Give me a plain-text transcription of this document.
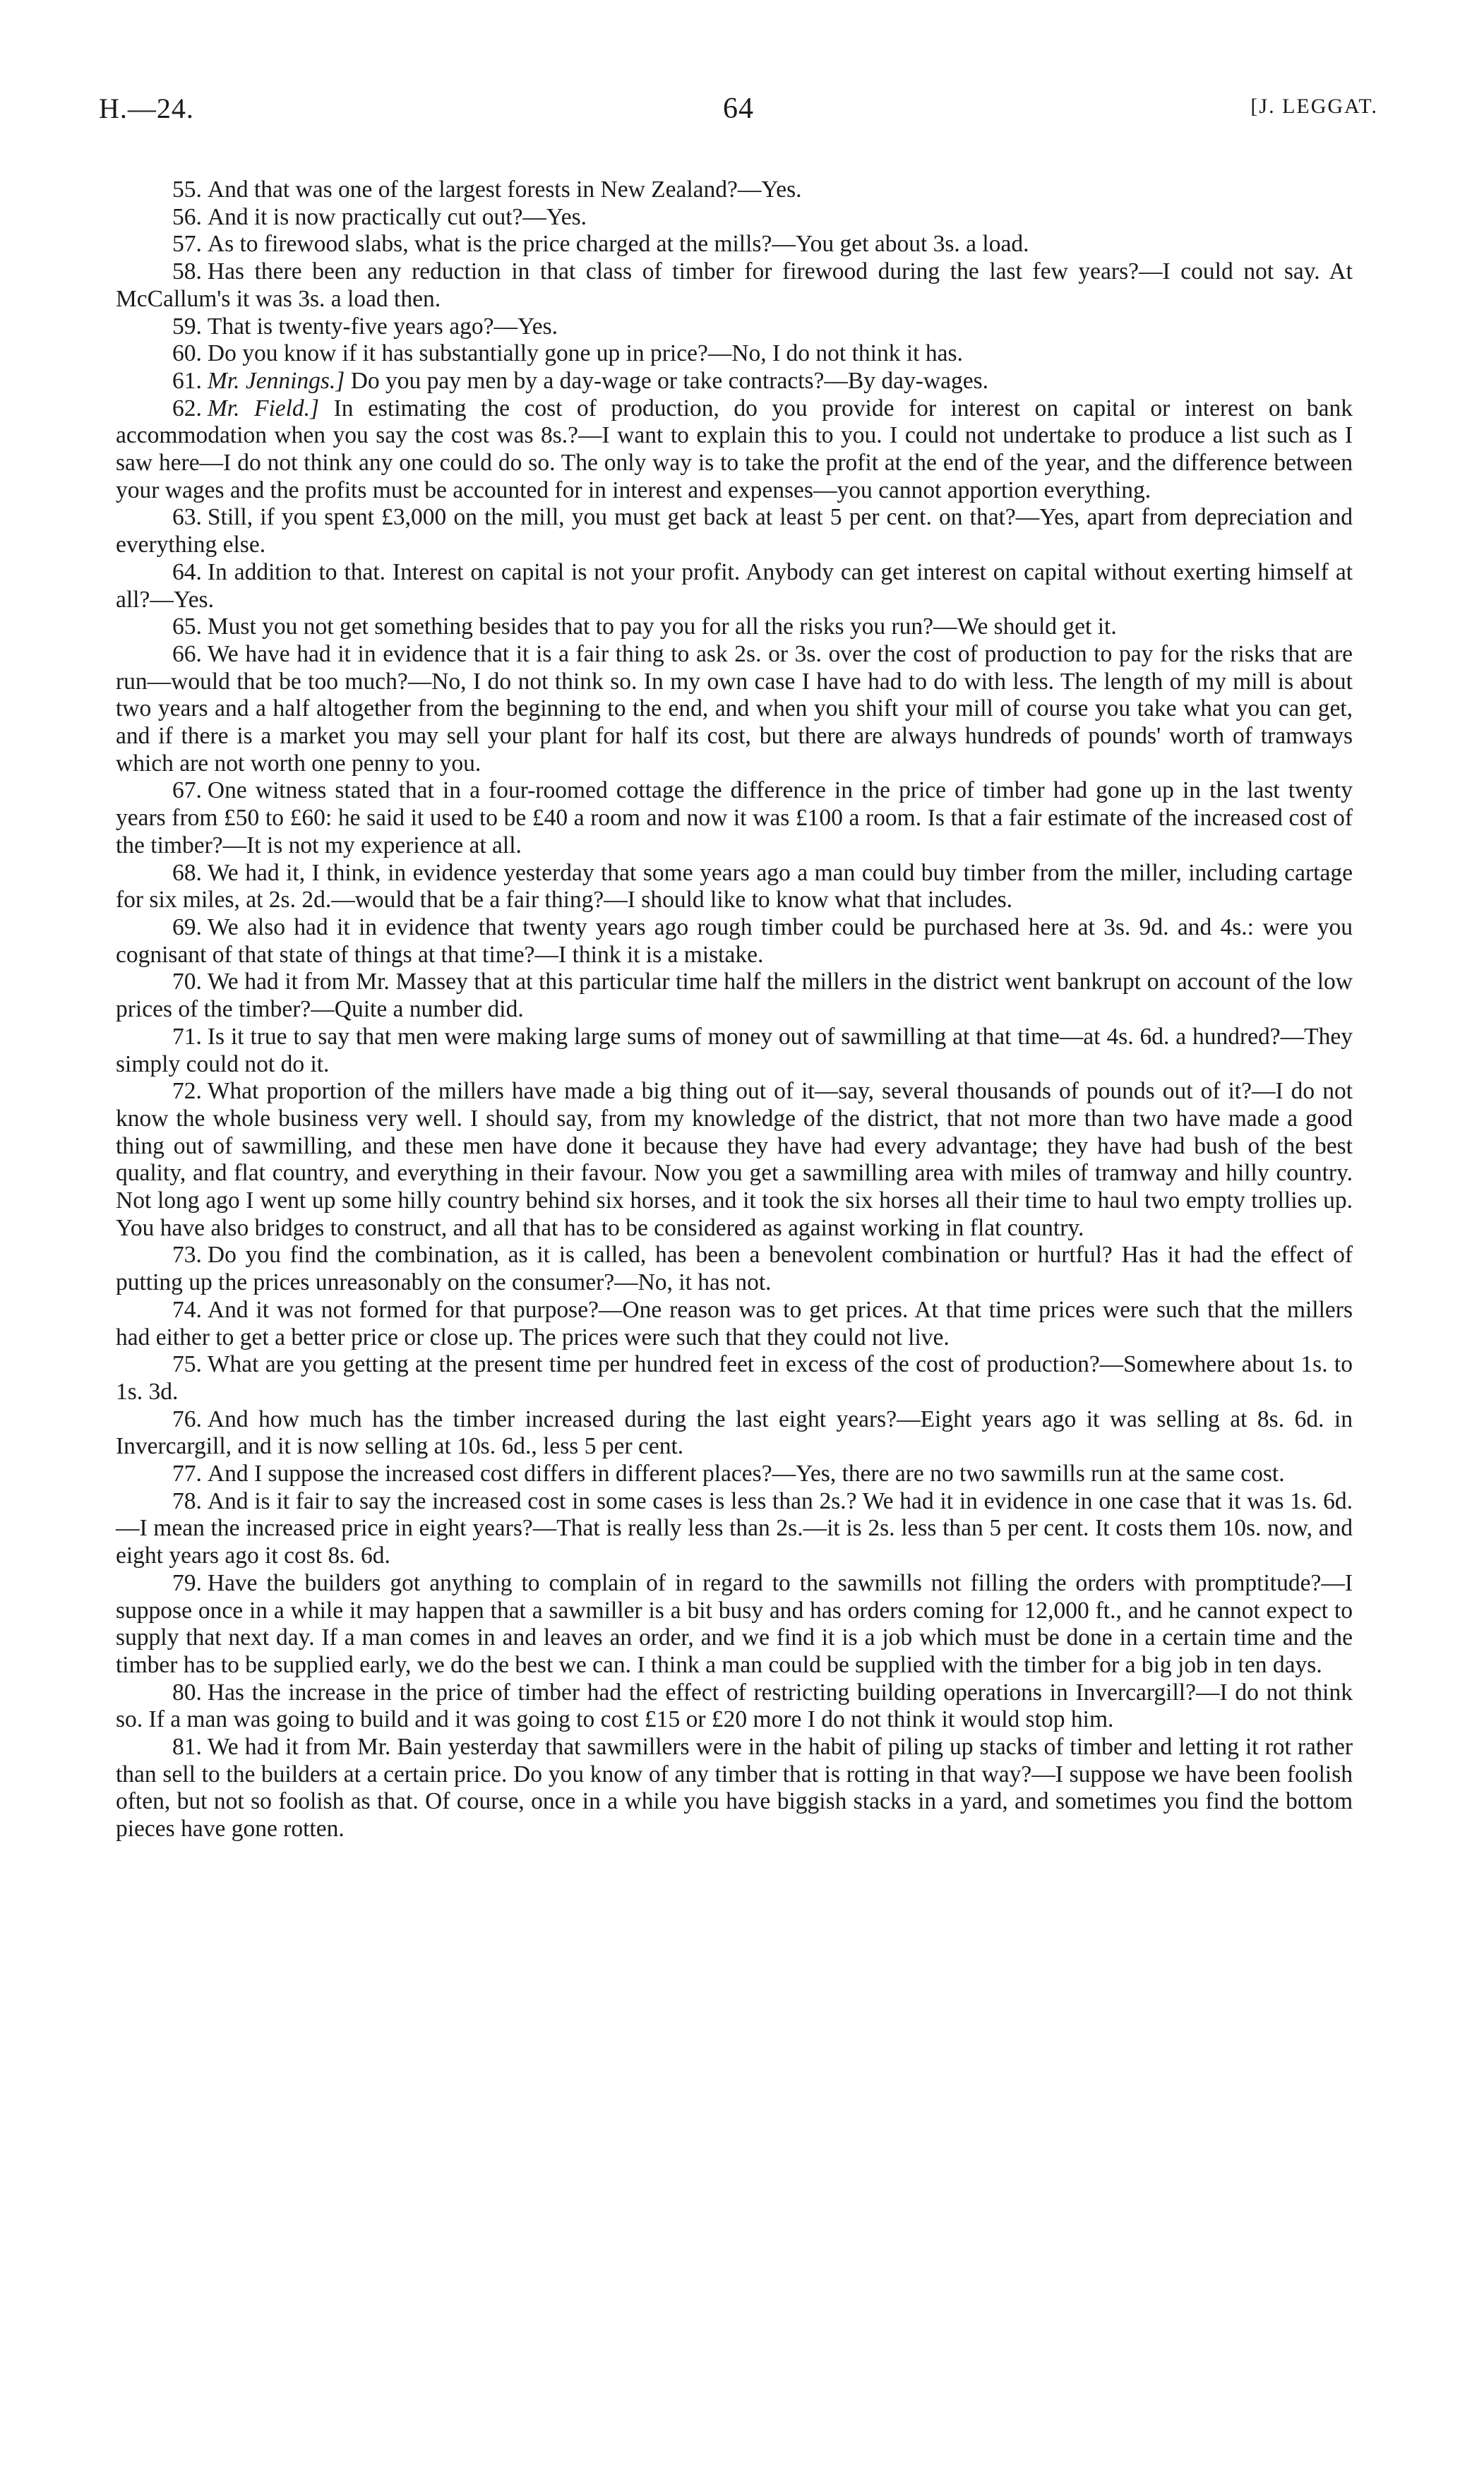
H.—24.	64	[J. LEGGAT.

55. And that was one of the largest forests in New Zealand?—Yes.

56. And it is now practically cut out?—Yes.

57. As to firewood slabs, what is the price charged at the mills?—You get about 3s. a load.

58. Has there been any reduction in that class of timber for firewood during the last few years?—I could not say. At McCallum's it was 3s. a load then.

59. That is twenty-five years ago?—Yes.

60. Do you know if it has substantially gone up in price?—No, I do not think it has.

61. Mr. Jennings.] Do you pay men by a day-wage or take contracts?—By day-wages.

62. Mr. Field.] In estimating the cost of production, do you provide for interest on capital or interest on bank accommodation when you say the cost was 8s.?—I want to explain this to you. I could not undertake to produce a list such as I saw here—I do not think any one could do so. The only way is to take the profit at the end of the year, and the difference between your wages and the profits must be accounted for in interest and expenses—you cannot apportion everything.

63. Still, if you spent £3,000 on the mill, you must get back at least 5 per cent. on that?—Yes, apart from depreciation and everything else.

64. In addition to that. Interest on capital is not your profit. Anybody can get interest on capital without exerting himself at all?—Yes.

65. Must you not get something besides that to pay you for all the risks you run?—We should get it.

66. We have had it in evidence that it is a fair thing to ask 2s. or 3s. over the cost of production to pay for the risks that are run—would that be too much?—No, I do not think so. In my own case I have had to do with less. The length of my mill is about two years and a half altogether from the beginning to the end, and when you shift your mill of course you take what you can get, and if there is a market you may sell your plant for half its cost, but there are always hundreds of pounds' worth of tramways which are not worth one penny to you.

67. One witness stated that in a four-roomed cottage the difference in the price of timber had gone up in the last twenty years from £50 to £60: he said it used to be £40 a room and now it was £100 a room. Is that a fair estimate of the increased cost of the timber?—It is not my experience at all.

68. We had it, I think, in evidence yesterday that some years ago a man could buy timber from the miller, including cartage for six miles, at 2s. 2d.—would that be a fair thing?—I should like to know what that includes.

69. We also had it in evidence that twenty years ago rough timber could be purchased here at 3s. 9d. and 4s.: were you cognisant of that state of things at that time?—I think it is a mistake.

70. We had it from Mr. Massey that at this particular time half the millers in the district went bankrupt on account of the low prices of the timber?—Quite a number did.

71. Is it true to say that men were making large sums of money out of sawmilling at that time—at 4s. 6d. a hundred?—They simply could not do it.

72. What proportion of the millers have made a big thing out of it—say, several thousands of pounds out of it?—I do not know the whole business very well. I should say, from my knowledge of the district, that not more than two have made a good thing out of sawmilling, and these men have done it because they have had every advantage; they have had bush of the best quality, and flat country, and everything in their favour. Now you get a sawmilling area with miles of tramway and hilly country. Not long ago I went up some hilly country behind six horses, and it took the six horses all their time to haul two empty trollies up. You have also bridges to construct, and all that has to be considered as against working in flat country.

73. Do you find the combination, as it is called, has been a benevolent combination or hurtful? Has it had the effect of putting up the prices unreasonably on the consumer?—No, it has not.

74. And it was not formed for that purpose?—One reason was to get prices. At that time prices were such that the millers had either to get a better price or close up. The prices were such that they could not live.

75. What are you getting at the present time per hundred feet in excess of the cost of production?—Somewhere about 1s. to 1s. 3d.

76. And how much has the timber increased during the last eight years?—Eight years ago it was selling at 8s. 6d. in Invercargill, and it is now selling at 10s. 6d., less 5 per cent.

77. And I suppose the increased cost differs in different places?—Yes, there are no two sawmills run at the same cost.

78. And is it fair to say the increased cost in some cases is less than 2s.? We had it in evidence in one case that it was 1s. 6d.—I mean the increased price in eight years?—That is really less than 2s.—it is 2s. less than 5 per cent. It costs them 10s. now, and eight years ago it cost 8s. 6d.

79. Have the builders got anything to complain of in regard to the sawmills not filling the orders with promptitude?—I suppose once in a while it may happen that a sawmiller is a bit busy and has orders coming for 12,000 ft., and he cannot expect to supply that next day. If a man comes in and leaves an order, and we find it is a job which must be done in a certain time and the timber has to be supplied early, we do the best we can. I think a man could be supplied with the timber for a big job in ten days.

80. Has the increase in the price of timber had the effect of restricting building operations in Invercargill?—I do not think so. If a man was going to build and it was going to cost £15 or £20 more I do not think it would stop him.

81. We had it from Mr. Bain yesterday that sawmillers were in the habit of piling up stacks of timber and letting it rot rather than sell to the builders at a certain price. Do you know of any timber that is rotting in that way?—I suppose we have been foolish often, but not so foolish as that. Of course, once in a while you have biggish stacks in a yard, and sometimes you find the bottom pieces have gone rotten.
